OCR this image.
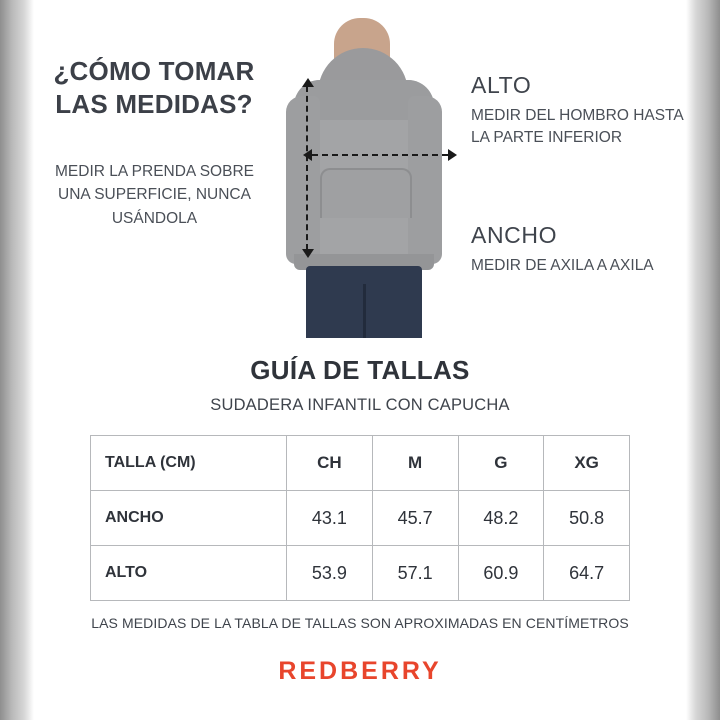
¿CÓMO TOMAR LAS MEDIDAS?
MEDIR LA PRENDA SOBRE UNA SUPERFICIE, NUNCA USÁNDOLA
ALTO
MEDIR DEL HOMBRO HASTA LA PARTE INFERIOR
ANCHO
MEDIR DE AXILA A AXILA
GUÍA DE TALLAS
SUDADERA INFANTIL CON CAPUCHA
TALLA (CM)	CH	M	G	XG
ANCHO	43.1	45.7	48.2	50.8
ALTO	53.9	57.1	60.9	64.7
LAS MEDIDAS DE LA TABLA DE TALLAS SON APROXIMADAS EN CENTÍMETROS
REDBERRY
